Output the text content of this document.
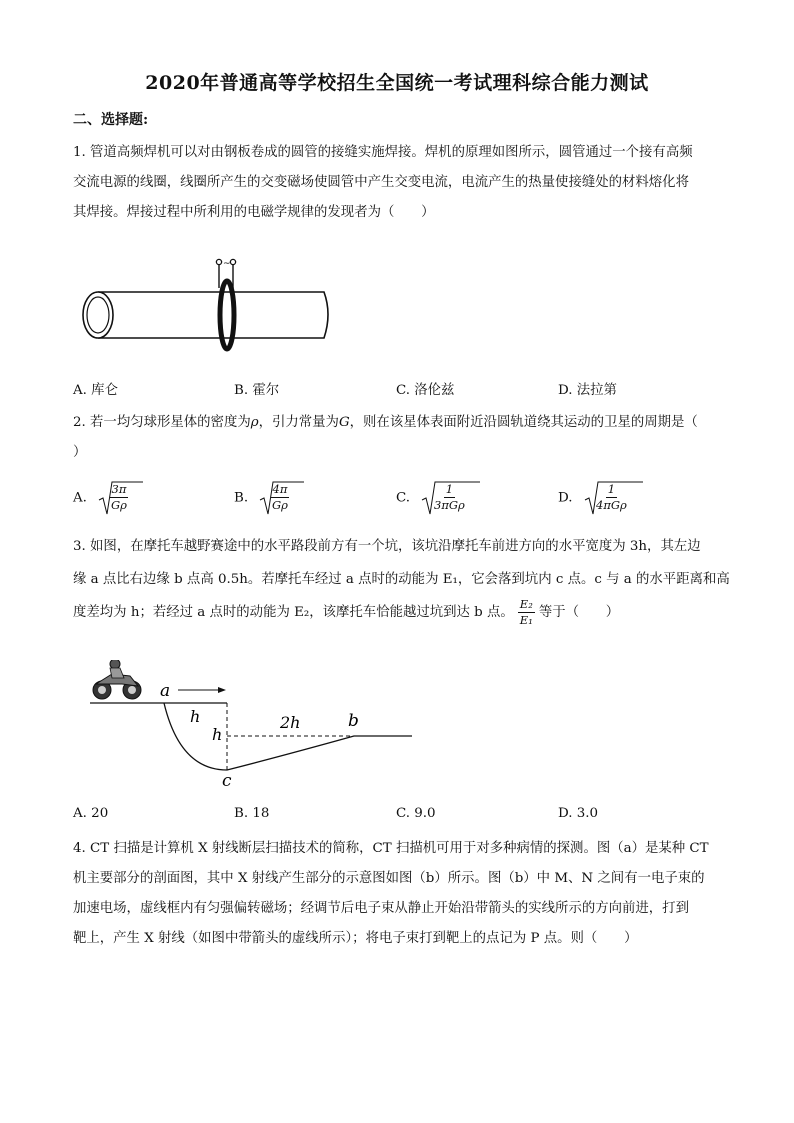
2020年普通高等学校招生全国统一考试理科综合能力测试
二、选择题:
1. 管道高频焊机可以对由钢板卷成的圆管的接缝实施焊接。焊机的原理如图所示，圆管通过一个接有高频
交流电源的线圈，线圈所产生的交变磁场使圆管中产生交变电流，电流产生的热量使接缝处的材料熔化将
其焊接。焊接过程中所利用的电磁学规律的发现者为（　　）
~
A. 库仑	B. 霍尔	C. 洛伦兹	D. 法拉第
2. 若一均匀球形星体的密度为ρ，引力常量为G，则在该星体表面附近沿圆轨道绕其运动的卫星的周期是（
）
A. $\frac{3\pi}{G\rho}$	B. $\frac{4\pi}{G\rho}$	C.
1
3πGρ	D.
1
4πGρ
3. 如图，在摩托车越野赛途中的水平路段前方有一个坑，该坑沿摩托车前进方向的水平宽度为 3h，其左边
缘 a 点比右边缘 b 点高 0.5h。若摩托车经过 a 点时的动能为 E₁，它会落到坑内 c 点。c 与 a 的水平距离和高
度差均为 h；若经过 a 点时的动能为 E₂，该摩托车恰能越过坑到达 b 点。 $\frac{\text{E₂}}{\text{E₁}}$ 等于（　　）
a
h
h
2h	b
c
A. 20	B. 18	C. 9.0	D. 3.0
4. CT 扫描是计算机 X 射线断层扫描技术的简称，CT 扫描机可用于对多种病情的探测。图（a）是某种 CT
机主要部分的剖面图，其中 X 射线产生部分的示意图如图（b）所示。图（b）中 M、N 之间有一电子束的
加速电场，虚线框内有匀强偏转磁场；经调节后电子束从静止开始沿带箭头的实线所示的方向前进，打到
靶上，产生 X 射线（如图中带箭头的虚线所示）；将电子束打到靶上的点记为 P 点。则（　　）
